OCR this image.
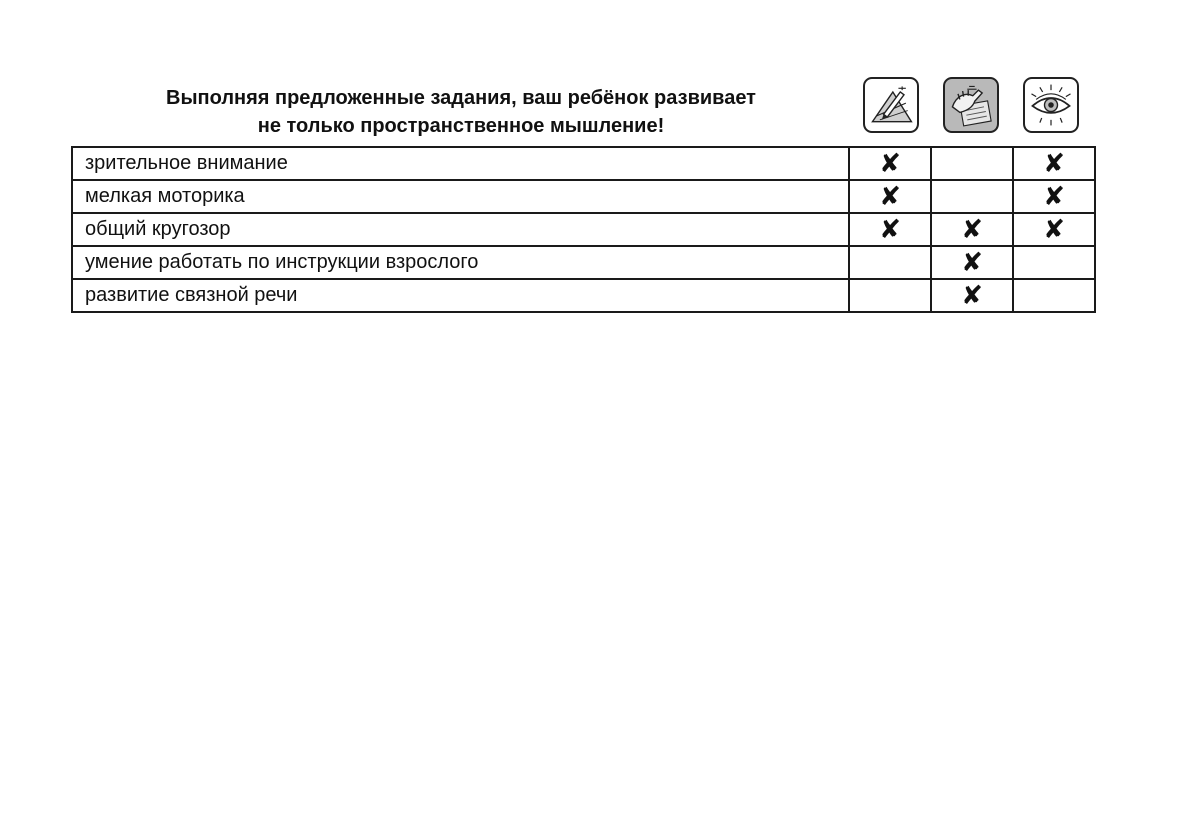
Выполняя предложенные задания, ваш ребёнок развивает
не только пространственное мышление!
зрительное внимание	✘		✘
мелкая моторика	✘		✘
общий кругозор	✘	✘	✘
умение работать по инструкции взрослого		✘	
развитие связной речи		✘	
